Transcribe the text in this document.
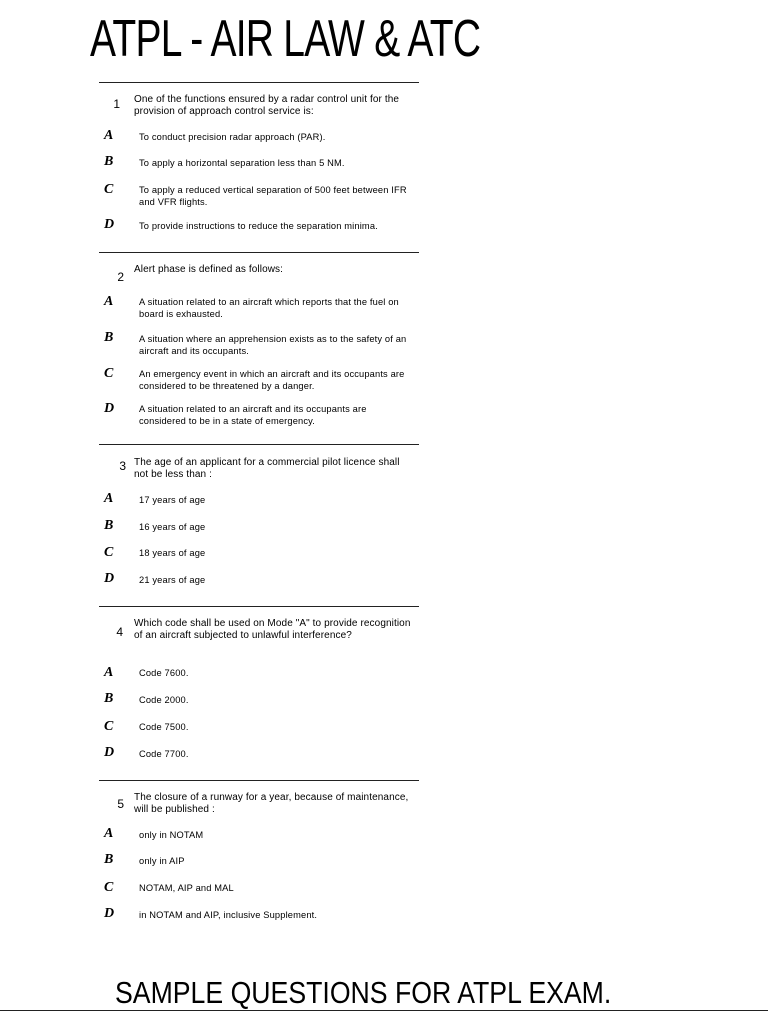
ATPL - AIR LAW & ATC
1 One of the functions ensured by a radar control unit for the provision of approach control service is:
A	To conduct precision radar approach (PAR).
B	To apply a horizontal separation less than 5 NM.
C	To apply a reduced vertical separation of 500 feet between IFR and VFR flights.
D	To provide instructions to reduce the separation minima.
2
Alert phase is defined as follows:
A	A situation related to an aircraft which reports that the fuel on board is exhausted.
B	A situation where an apprehension exists as to the safety of an aircraft and its occupants.
C	An emergency event in which an aircraft and its occupants are considered to be threatened by a danger.
D	A situation related to an aircraft and its occupants are considered to be in a state of emergency.
3 The age of an applicant for a commercial pilot licence shall not be less than :
A	17 years of age
B	16 years of age
C	18 years of age
D	21 years of age
4
Which code shall be used on Mode "A" to provide recognition of an aircraft subjected to unlawful interference?
A	Code 7600.
B	Code 2000.
C	Code 7500.
D	Code 7700.
5 The closure of a runway for a year, because of maintenance, will be published :
A	only in NOTAM
B	only in AIP
C	NOTAM, AIP and MAL
D	in NOTAM and AIP, inclusive Supplement.
SAMPLE QUESTIONS FOR ATPL EXAM.
